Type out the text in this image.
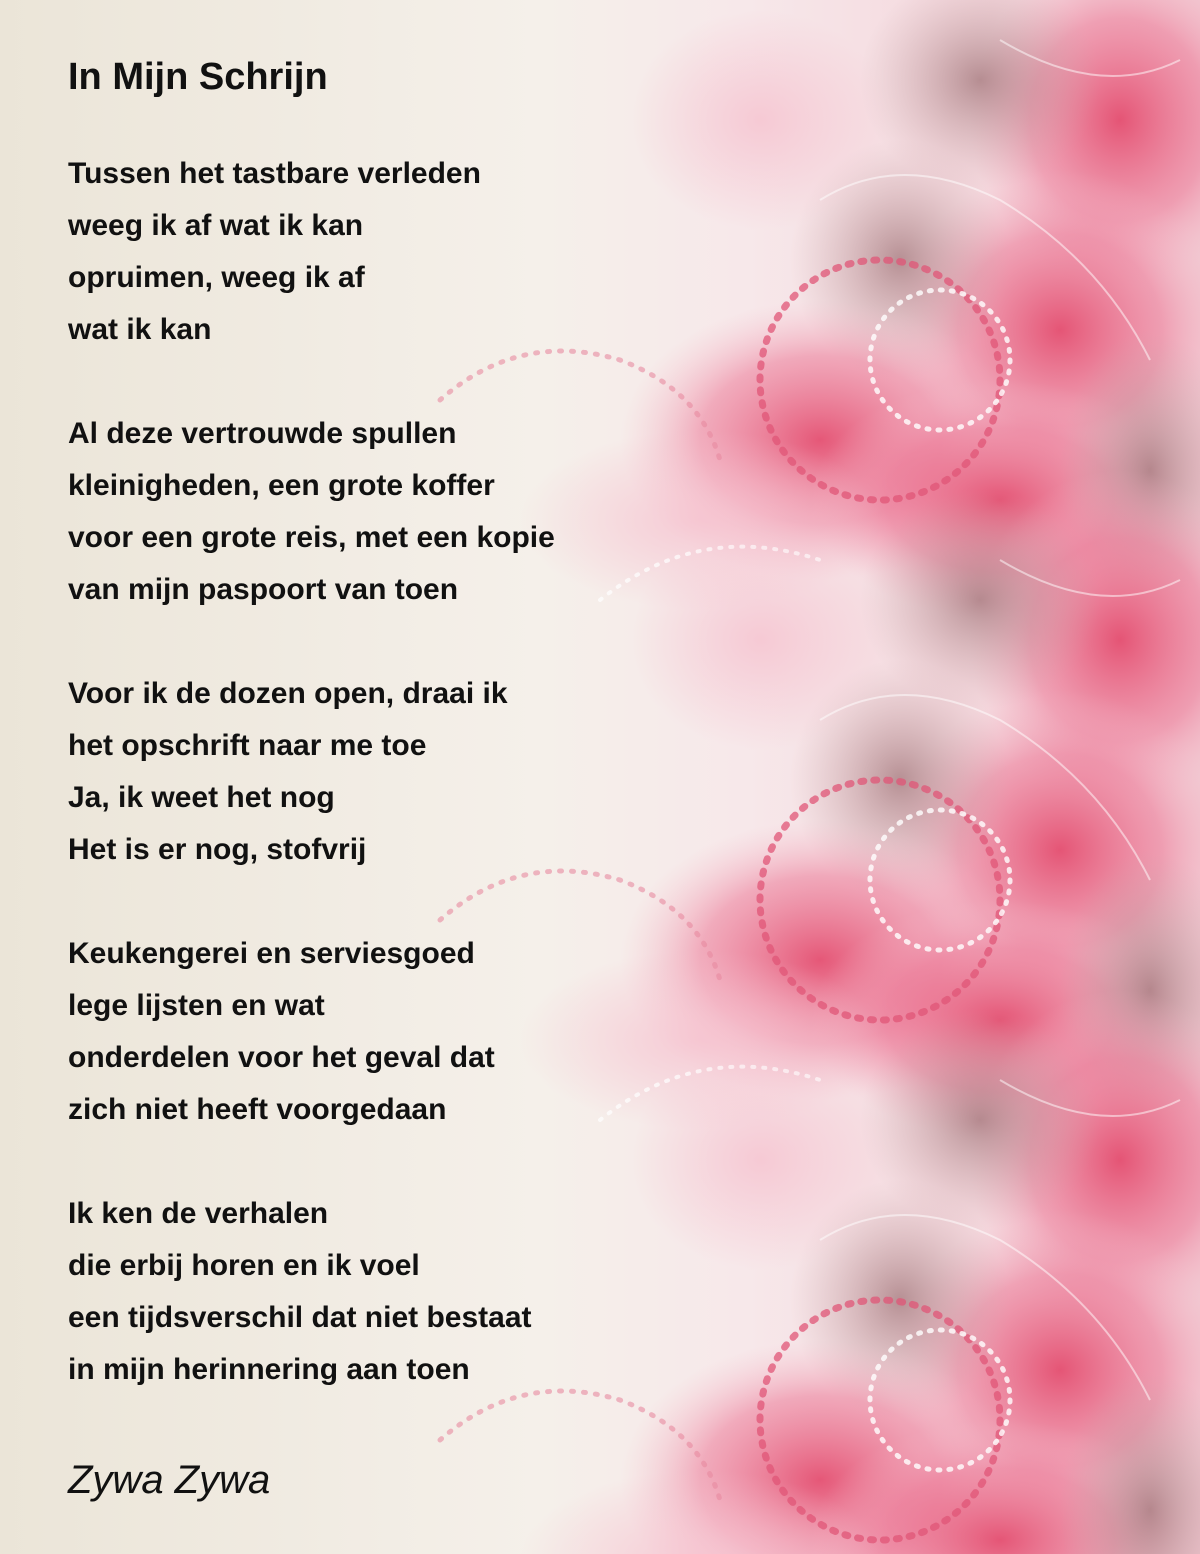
In Mijn Schrijn
Tussen het tastbare verleden
weeg ik af wat ik kan
opruimen, weeg ik af
wat ik kan
Al deze vertrouwde spullen
kleinigheden, een grote koffer
voor een grote reis, met een kopie
van mijn paspoort van toen
Voor ik de dozen open, draai ik
het opschrift naar me toe
Ja, ik weet het nog
Het is er nog, stofvrij
Keukengerei en serviesgoed
lege lijsten en wat
onderdelen voor het geval dat
zich niet heeft voorgedaan
Ik ken de verhalen
die erbij horen en ik voel
een tijdsverschil dat niet bestaat
in mijn herinnering aan toen

Zywa Zywa
